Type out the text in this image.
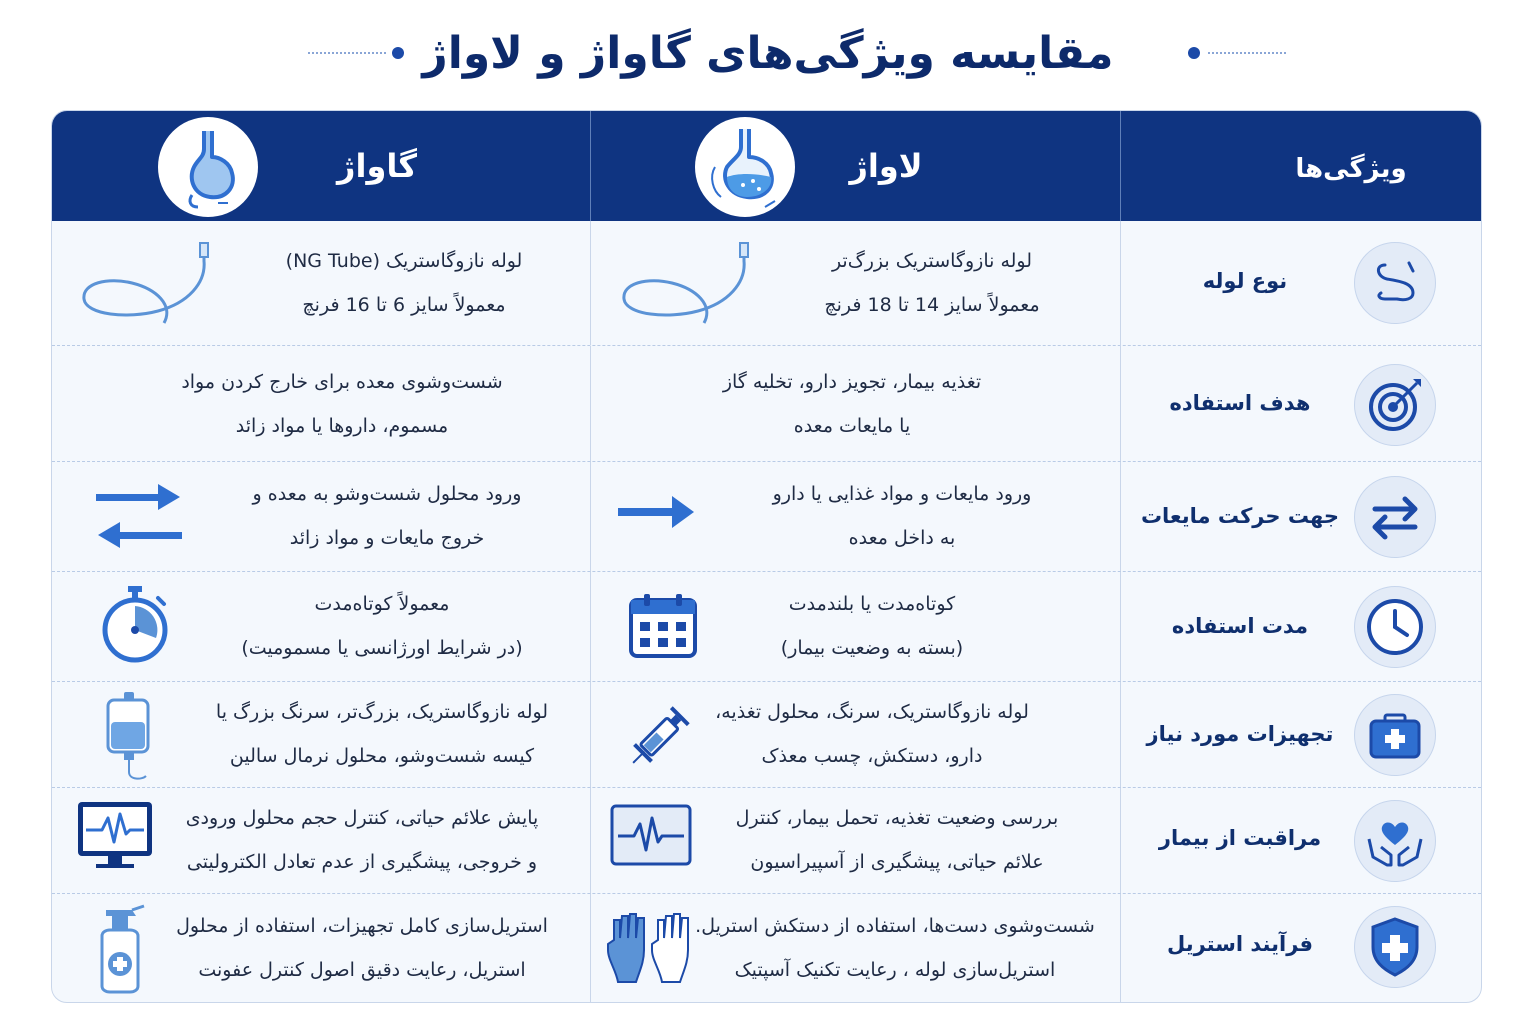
مقایسه ویژگی‌های گاواژ و لاواژ
گاواژ	لاواژ	ویژگی‌ها
نوع لوله
لوله نازوگاستریک بزرگ‌تر
معمولاً سایز 14 تا 18 فرنچ
لوله نازوگاستریک (NG Tube)
معمولاً سایز 6 تا 16 فرنچ
هدف استفاده
تغذیه بیمار، تجویز دارو، تخلیه گاز
یا مایعات معده
شست‌وشوی معده برای خارج کردن مواد
مسموم، داروها یا مواد زائد
جهت حرکت مایعات
ورود مایعات و مواد غذایی یا دارو
به داخل معده
ورود محلول شست‌وشو به معده و
خروج مایعات و مواد زائد
مدت استفاده
کوتاه‌مدت یا بلندمدت
(بسته به وضعیت بیمار)
معمولاً کوتاه‌مدت
(در شرایط اورژانسی یا مسمومیت)
تجهیزات مورد نیاز
لوله نازوگاستریک، سرنگ، محلول تغذیه،
دارو، دستکش، چسب معذک
لوله نازوگاستریک، بزرگ‌تر، سرنگ بزرگ یا
کیسه شست‌وشو، محلول نرمال سالین
مراقبت از بیمار
بررسی وضعیت تغذیه، تحمل بیمار، کنترل
علائم حیاتی، پیشگیری از آسپیراسیون
پایش علائم حیاتی، کنترل حجم محلول ورودی
و خروجی، پیشگیری از عدم تعادل الکترولیتی
فرآیند استریل
شست‌وشوی دست‌ها، استفاده از دستکش استریل.
استریل‌سازی لوله ، رعایت تکنیک آسپتیک
استریل‌سازی کامل تجهیزات، استفاده از محلول
استریل، رعایت دقیق اصول کنترل عفونت
